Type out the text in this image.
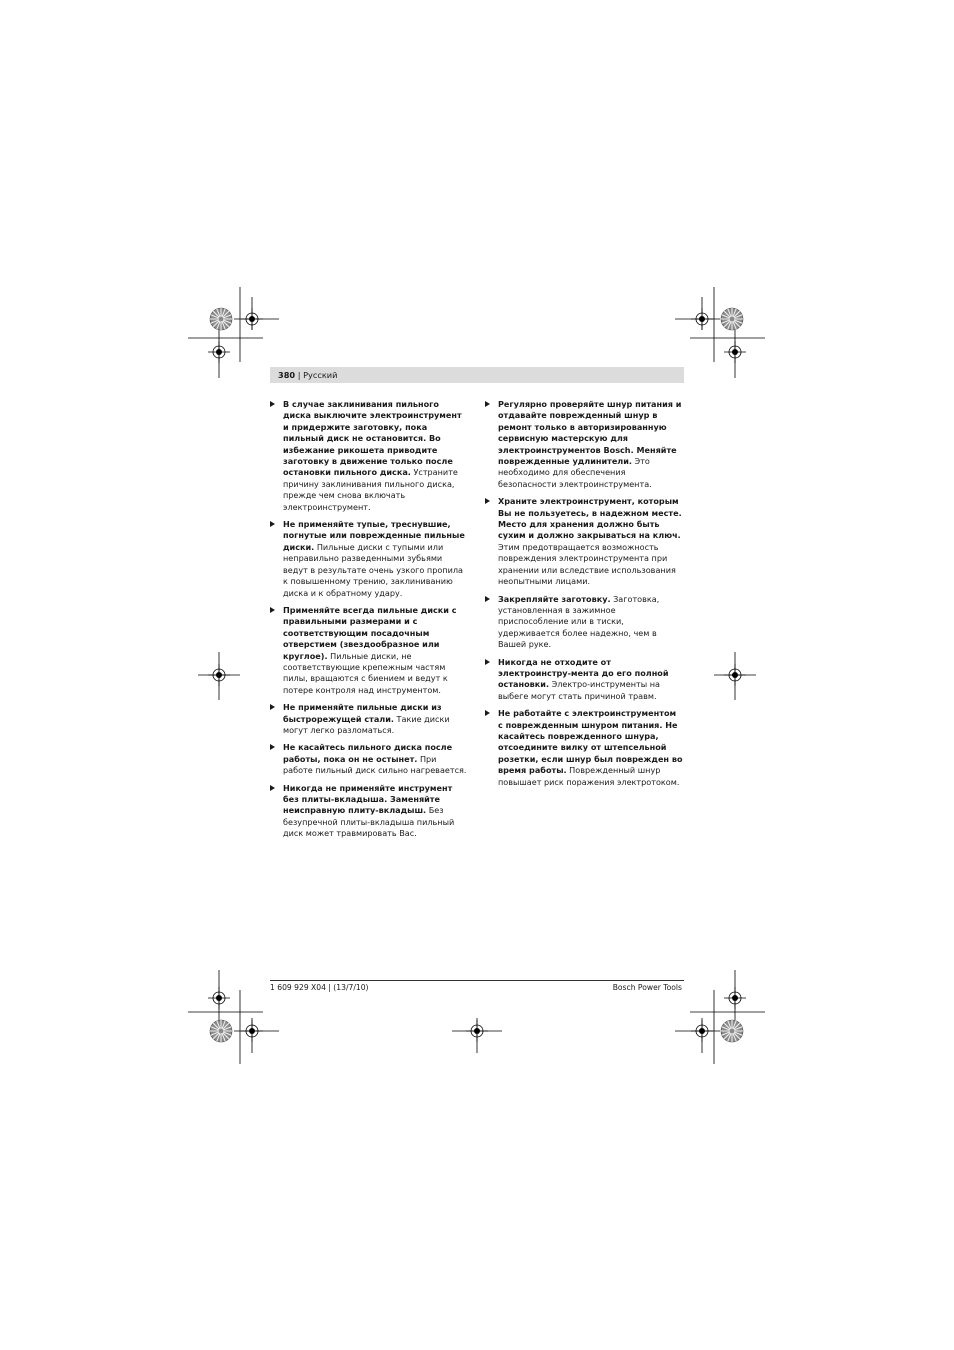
380 | Русский
В случае заклинивания пильного диска выключите электроинструмент и придержите заготовку, пока пильный диск не остановится. Во избежание рикошета приводите заготовку в движение только после остановки пильного диска. Устраните причину заклинивания пильного диска, прежде чем снова включать электроинструмент.
Не применяйте тупые, треснувшие, погнутые или поврежденные пильные диски. Пильные диски с тупыми или неправильно разведенными зубьями ведут в результате очень узкого пропила к повышенному трению, заклиниванию диска и к обратному удару.
Применяйте всегда пильные диски с правильными размерами и с соответствующим посадочным отверстием (звездообразное или круглое). Пильные диски, не соответствующие крепежным частям пилы, вращаются с биением и ведут к потере контроля над инструментом.
Не применяйте пильные диски из быстрорежущей стали. Такие диски могут легко разломаться.
Не касайтесь пильного диска после работы, пока он не остынет. При работе пильный диск сильно нагревается.
Никогда не применяйте инструмент без плиты-вкладыша. Заменяйте неисправную плиту-вкладыш. Без безупречной плиты-вкладыша пильный диск может травмировать Вас.
Регулярно проверяйте шнур питания и отдавайте поврежденный шнур в ремонт только в авторизированную сервисную мастерскую для электроинструментов Bosch. Меняйте поврежденные удлинители. Это необходимо для обеспечения безопасности электроинструмента.
Храните электроинструмент, которым Вы не пользуетесь, в надежном месте. Место для хранения должно быть сухим и должно закрываться на ключ. Этим предотвращается возможность повреждения электроинструмента при хранении или вследствие использования неопытными лицами.
Закрепляйте заготовку. Заготовка, установленная в зажимное приспособление или в тиски, удерживается более надежно, чем в Вашей руке.
Никогда не отходите от электроинстру-мента до его полной остановки. Электро-инструменты на выбеге могут стать причиной травм.
Не работайте с электроинструментом с поврежденным шнуром питания. Не касайтесь поврежденного шнура, отсоедините вилку от штепсельной розетки, если шнур был поврежден во время работы. Поврежденный шнур повышает риск поражения электротоком.
1 609 929 X04 | (13/7/10)	Bosch Power Tools
